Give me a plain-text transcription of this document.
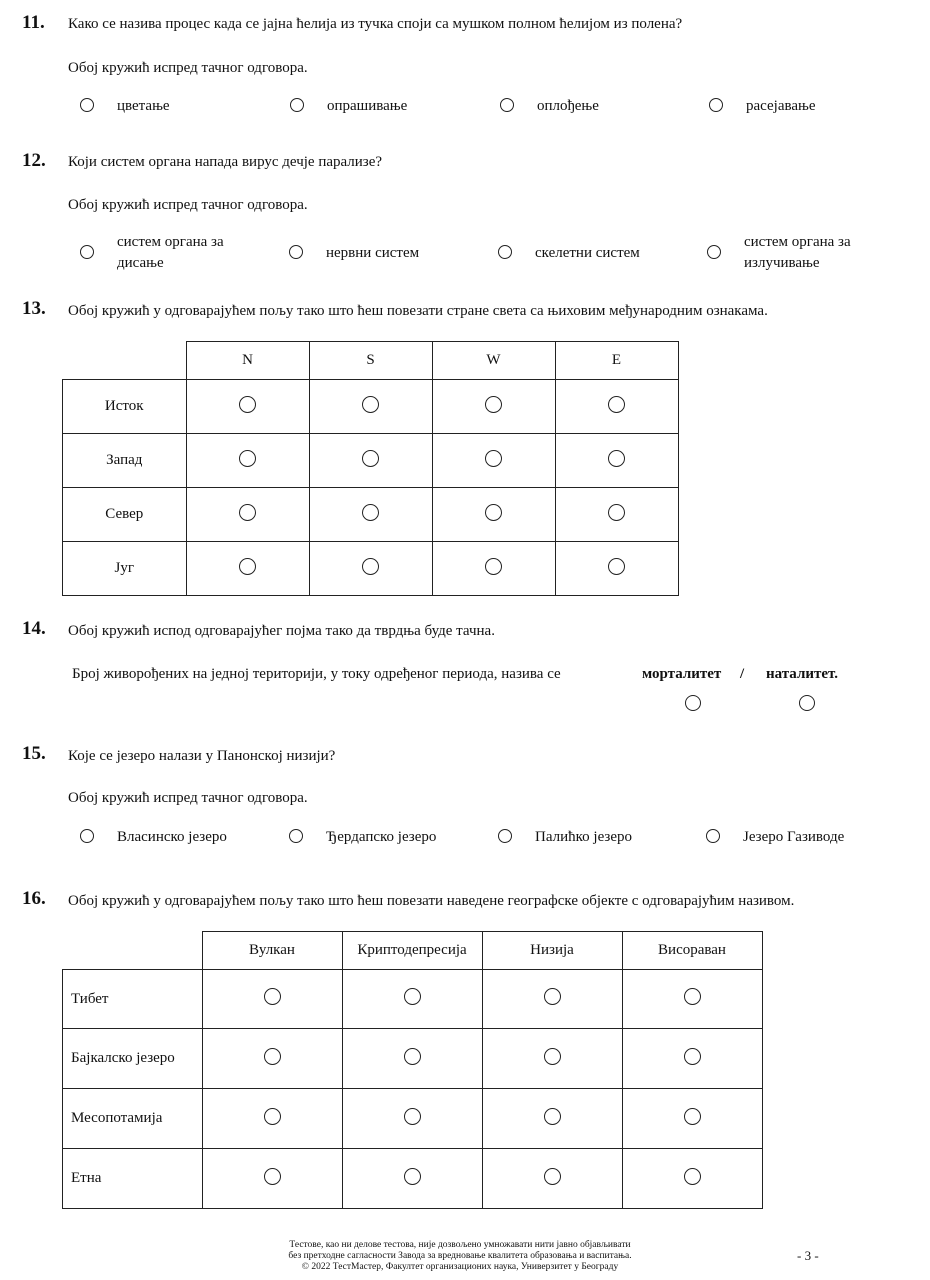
11. Како се назива процес када се јајна ћелија из тучка споји са мушком полном ћелијом из полена?
Обој кружић испред тачног одговора.
цветање	опрашивање	оплођење	расејавање
12. Који систем органа напада вирус дечје парализе?
Обој кружић испред тачног одговора.
систем органа за
дисање
нервни систем	скелетни систем
систем органа за
излучивање
13. Обој кружић у одговарајућем пољу тако што ћеш повезати стране света са њиховим међународним ознакама.
	N	S	W	E
Исток				
Запад				
Север				
Југ				
14. Обој кружић испод одговарајућег појма тако да тврдња буде тачна.
Број живорођених на једној територији, у току одређеног периода, назива се	морталитет / наталитет.
15. Које се језеро налази у Панонској низији?
Обој кружић испред тачног одговора.
Власинско језеро	Ђердапско језеро	Палићко језеро	Језеро Газиводе
16. Обој кружић у одговарајућем пољу тако што ћеш повезати наведене географске објекте с одговарајућим називом.
	Вулкан	Криптодепресија	Низија	Висораван
Тибет				
Бајкалско језеро				
Месопотамија				
Етна				
Тестове, као ни делове тестова, није дозвољено умножавати нити јавно објављивати
без претходне сагласности Завода за вредновање квалитета образовања и васпитања.
© 2022 ТестМастер, Факултет организационих наука, Универзитет у Београду
- 3 -
